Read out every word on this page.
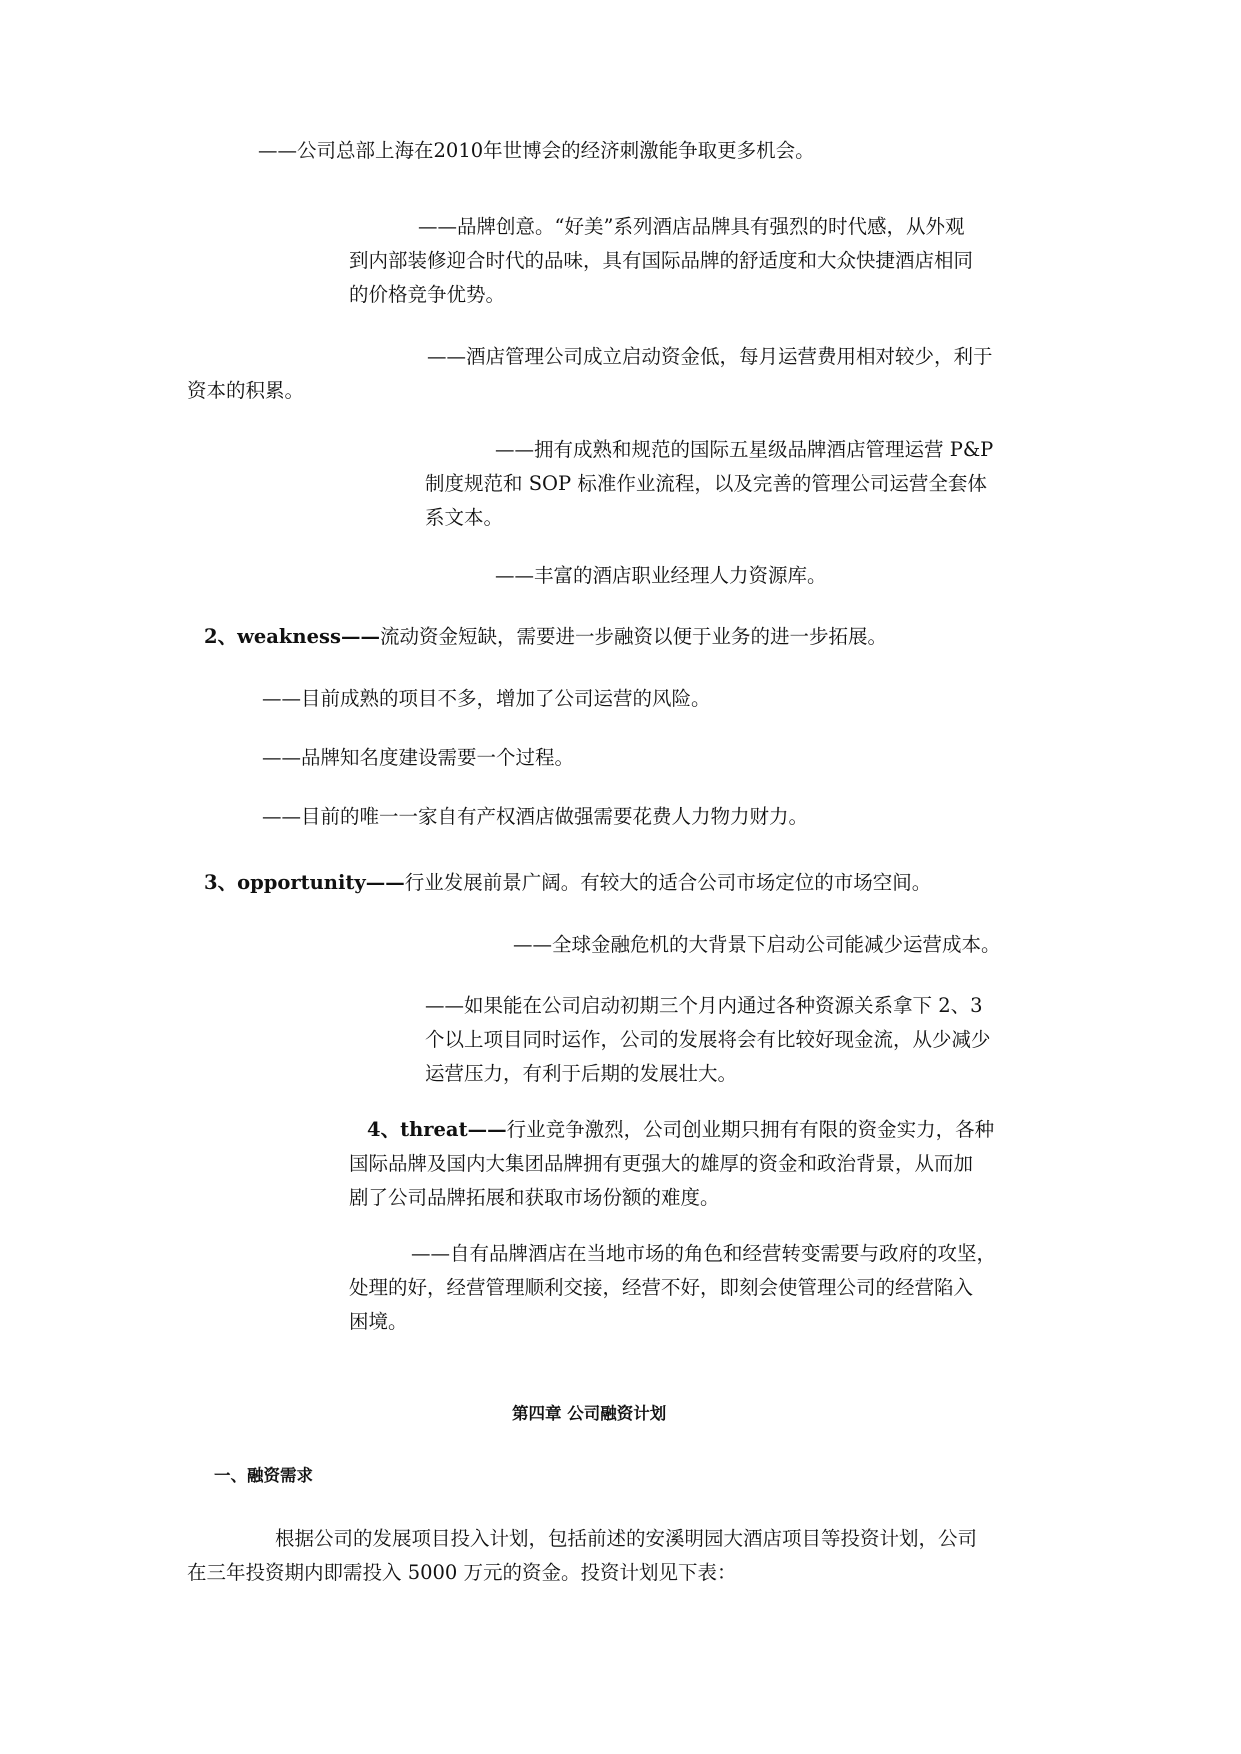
——公司总部上海在2010年世博会的经济刺激能争取更多机会。

——品牌创意。“好美”系列酒店品牌具有强烈的时代感，从外观
到内部装修迎合时代的品味，具有国际品牌的舒适度和大众快捷酒店相同
的价格竞争优势。

——酒店管理公司成立启动资金低，每月运营费用相对较少，利于
资本的积累。

——拥有成熟和规范的国际五星级品牌酒店管理运营 P&P
制度规范和 SOP 标准作业流程，以及完善的管理公司运营全套体
系文本。

——丰富的酒店职业经理人力资源库。

2、weakness——流动资金短缺，需要进一步融资以便于业务的进一步拓展。

——目前成熟的项目不多，增加了公司运营的风险。

——品牌知名度建设需要一个过程。

——目前的唯一一家自有产权酒店做强需要花费人力物力财力。

3、opportunity——行业发展前景广阔。有较大的适合公司市场定位的市场空间。

——全球金融危机的大背景下启动公司能减少运营成本。

——如果能在公司启动初期三个月内通过各种资源关系拿下 2、3
个以上项目同时运作，公司的发展将会有比较好现金流，从少减少
运营压力，有利于后期的发展壮大。

4、threat——行业竞争激烈，公司创业期只拥有有限的资金实力，各种
国际品牌及国内大集团品牌拥有更强大的雄厚的资金和政治背景，从而加
剧了公司品牌拓展和获取市场份额的难度。

——自有品牌酒店在当地市场的角色和经营转变需要与政府的攻坚，
处理的好，经营管理顺利交接，经营不好，即刻会使管理公司的经营陷入
困境。

第四章 公司融资计划
一、融资需求

根据公司的发展项目投入计划，包括前述的安溪明园大酒店项目等投资计划，公司
在三年投资期内即需投入 5000 万元的资金。投资计划见下表：
